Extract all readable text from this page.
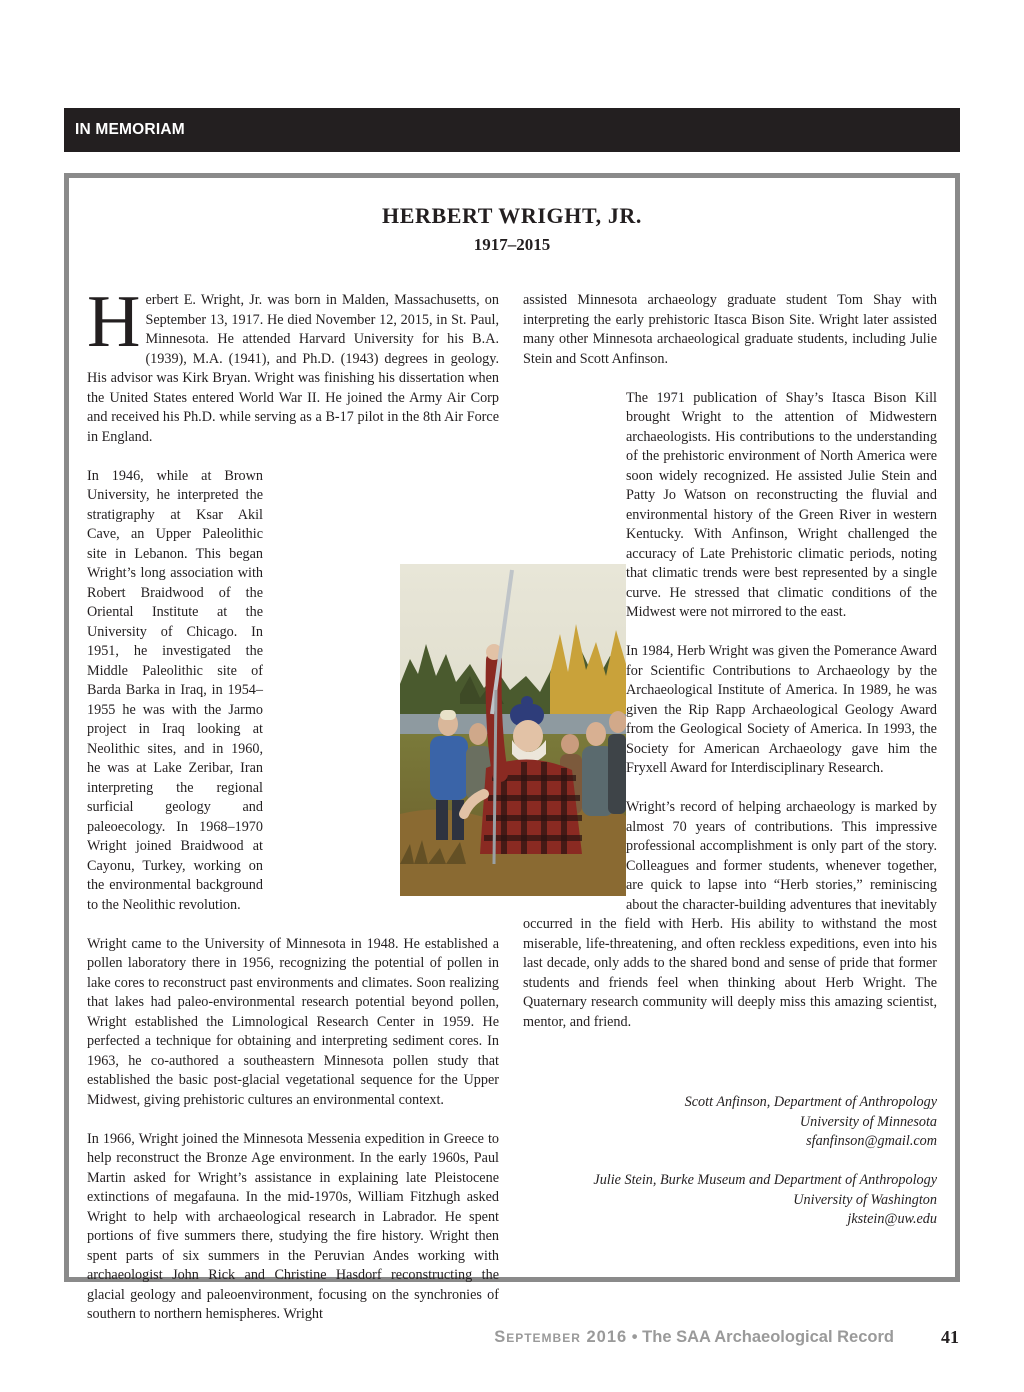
IN MEMORIAM
HERBERT WRIGHT, JR.
1917–2015

Herbert E. Wright, Jr. was born in Malden, Massachusetts, on September 13, 1917. He died November 12, 2015, in St. Paul, Minnesota. He attended Harvard University for his B.A. (1939), M.A. (1941), and Ph.D. (1943) degrees in geology. His advisor was Kirk Bryan. Wright was finishing his dissertation when the United States entered World War II. He joined the Army Air Corp and received his Ph.D. while serving as a B-17 pilot in the 8th Air Force in England.

In 1946, while at Brown University, he interpreted the stratigraphy at Ksar Akil Cave, an Upper Paleolithic site in Lebanon. This began Wright’s long association with Robert Braidwood of the Oriental Institute at the University of Chicago. In 1951, he investigated the Middle Paleolithic site of Barda Barka in Iraq, in 1954–1955 he was with the Jarmo project in Iraq looking at Neolithic sites, and in 1960, he was at Lake Zeribar, Iran interpreting the regional surficial geology and paleoecology. In 1968–1970 Wright joined Braidwood at Cayonu, Turkey, working on the environmental background to the Neolithic revolution.

Wright came to the University of Minnesota in 1948. He established a pollen laboratory there in 1956, recognizing the potential of pollen in lake cores to reconstruct past environments and climates. Soon realizing that lakes had paleo-environmental research potential beyond pollen, Wright established the Limnological Research Center in 1959. He perfected a technique for obtaining and interpreting sediment cores. In 1963, he co-authored a southeastern Minnesota pollen study that established the basic post-glacial vegetational sequence for the Upper Midwest, giving prehistoric cultures an environmental context.

In 1966, Wright joined the Minnesota Messenia expedition in Greece to help reconstruct the Bronze Age environment. In the early 1960s, Paul Martin asked for Wright’s assistance in explaining late Pleistocene extinctions of megafauna. In the mid-1970s, William Fitzhugh asked Wright to help with archaeological research in Labrador. He spent portions of five summers there, studying the fire history. Wright then spent parts of six summers in the Peruvian Andes working with archaeologist John Rick and Christine Hasdorf reconstructing the glacial geology and paleoenvironment, focusing on the synchronies of southern to northern hemispheres. Wright

assisted Minnesota archaeology graduate student Tom Shay with interpreting the early prehistoric Itasca Bison Site. Wright later assisted many other Minnesota archaeological graduate students, including Julie Stein and Scott Anfinson.

The 1971 publication of Shay’s Itasca Bison Kill brought Wright to the attention of Midwestern archaeologists. His contributions to the understanding of the prehistoric environment of North America were soon widely recognized. He assisted Julie Stein and Patty Jo Watson on reconstructing the fluvial and environmental history of the Green River in western Kentucky. With Anfinson, Wright challenged the accuracy of Late Prehistoric climatic periods, noting that climatic trends were best represented by a single curve. He stressed that climatic conditions of the Midwest were not mirrored to the east.

In 1984, Herb Wright was given the Pomerance Award for Scientific Contributions to Archaeology by the Archaeological Institute of America. In 1989, he was given the Rip Rapp Archaeological Geology Award from the Geological Society of America. In 1993, the Society for American Archaeology gave him the Fryxell Award for Interdisciplinary Research.

Wright’s record of helping archaeology is marked by almost 70 years of contributions. This impressive professional accomplishment is only part of the story. Colleagues and former students, whenever together, are quick to lapse into “Herb stories,” reminiscing about the character-building adventures that inevitably occurred in the field with Herb. His ability to withstand the most miserable, life-threatening, and often reckless expeditions, even into his last decade, only adds to the shared bond and sense of pride that former students and friends feel when thinking about Herb Wright. The Quaternary research community will deeply miss this amazing scientist, mentor, and friend.

Scott Anfinson, Department of Anthropology
University of Minnesota
sfanfinson@gmail.com
Julie Stein, Burke Museum and Department of Anthropology
University of Washington
jkstein@uw.edu
September 2016 • The SAA Archaeological Record	41
